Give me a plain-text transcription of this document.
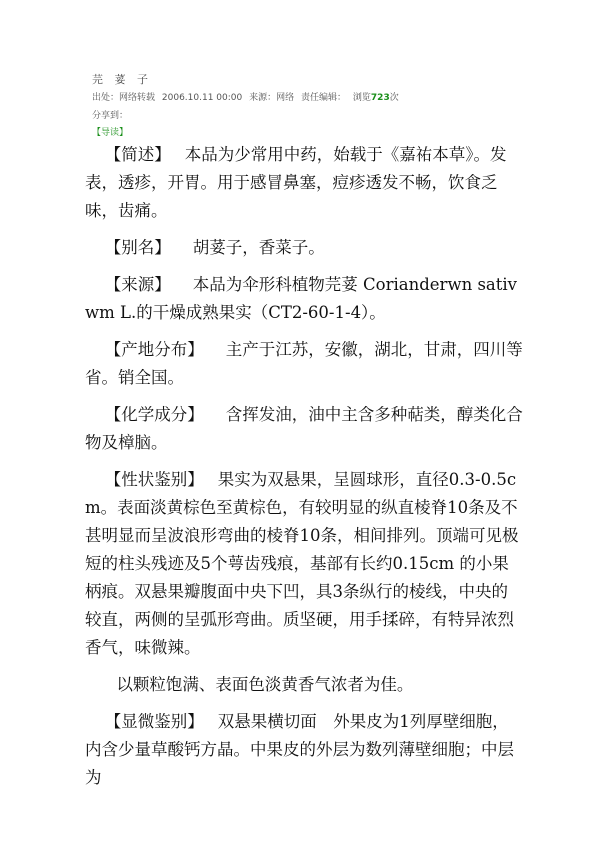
芫 荽 子
出处：网络转载 2006.10.11 00:00 来源：网络 责任编辑： 浏览723次
分享到：
【导读】

【简述】 本品为少常用中药，始载于《嘉祐本草》。发表，透疹，开胃。用于感冒鼻塞，痘疹透发不畅，饮食乏味，齿痛。

【别名】 胡荽子，香菜子。

【来源】 本品为伞形科植物芫荽 Corianderwn sativwm L.的干燥成熟果实（CT2-60-1-4）。

【产地分布】 主产于江苏，安徽，湖北，甘肃，四川等省。销全国。

【化学成分】 含挥发油，油中主含多种萜类，醇类化合物及樟脑。

【性状鉴别】 果实为双悬果，呈圆球形，直径0.3-0.5cm。表面淡黄棕色至黄棕色，有较明显的纵直棱脊10条及不甚明显而呈波浪形弯曲的棱脊10条，相间排列。顶端可见极短的柱头残迹及5个萼齿残痕，基部有长约0.15cm 的小果柄痕。双悬果瓣腹面中央下凹，具3条纵行的棱线，中央的较直，两侧的呈弧形弯曲。质坚硬，用手揉碎，有特异浓烈香气，味微辣。

以颗粒饱满、表面色淡黄香气浓者为佳。

【显微鉴别】 双悬果横切面　外果皮为1列厚壁细胞，内含少量草酸钙方晶。中果皮的外层为数列薄壁细胞；中层为
